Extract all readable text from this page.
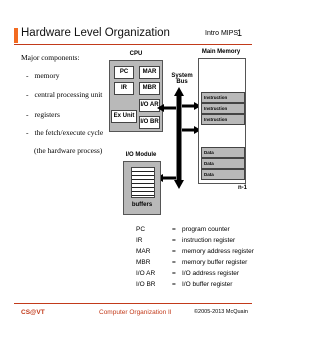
Hardware Level Organization	Intro MIPS
1
Major components:
- memory
- central processing unit
- registers
- the fetch/execute cycle
(the hardware process)
CPU
PC	MAR
IR	MBR
I/O AR
I/O BR
Ex Unit
System
Bus
Main Memory
Instruction
Instruction
Instruction
Data
Data
Data
n-1
I/O Module
buffers
PC	= program counter
IR	= instruction register
MAR	= memory address register
MBR	= memory buffer register
I/O AR	= I/O address register
I/O BR	= I/O buffer register
CS@VT	Computer Organization II	©2005-2013 McQuain
